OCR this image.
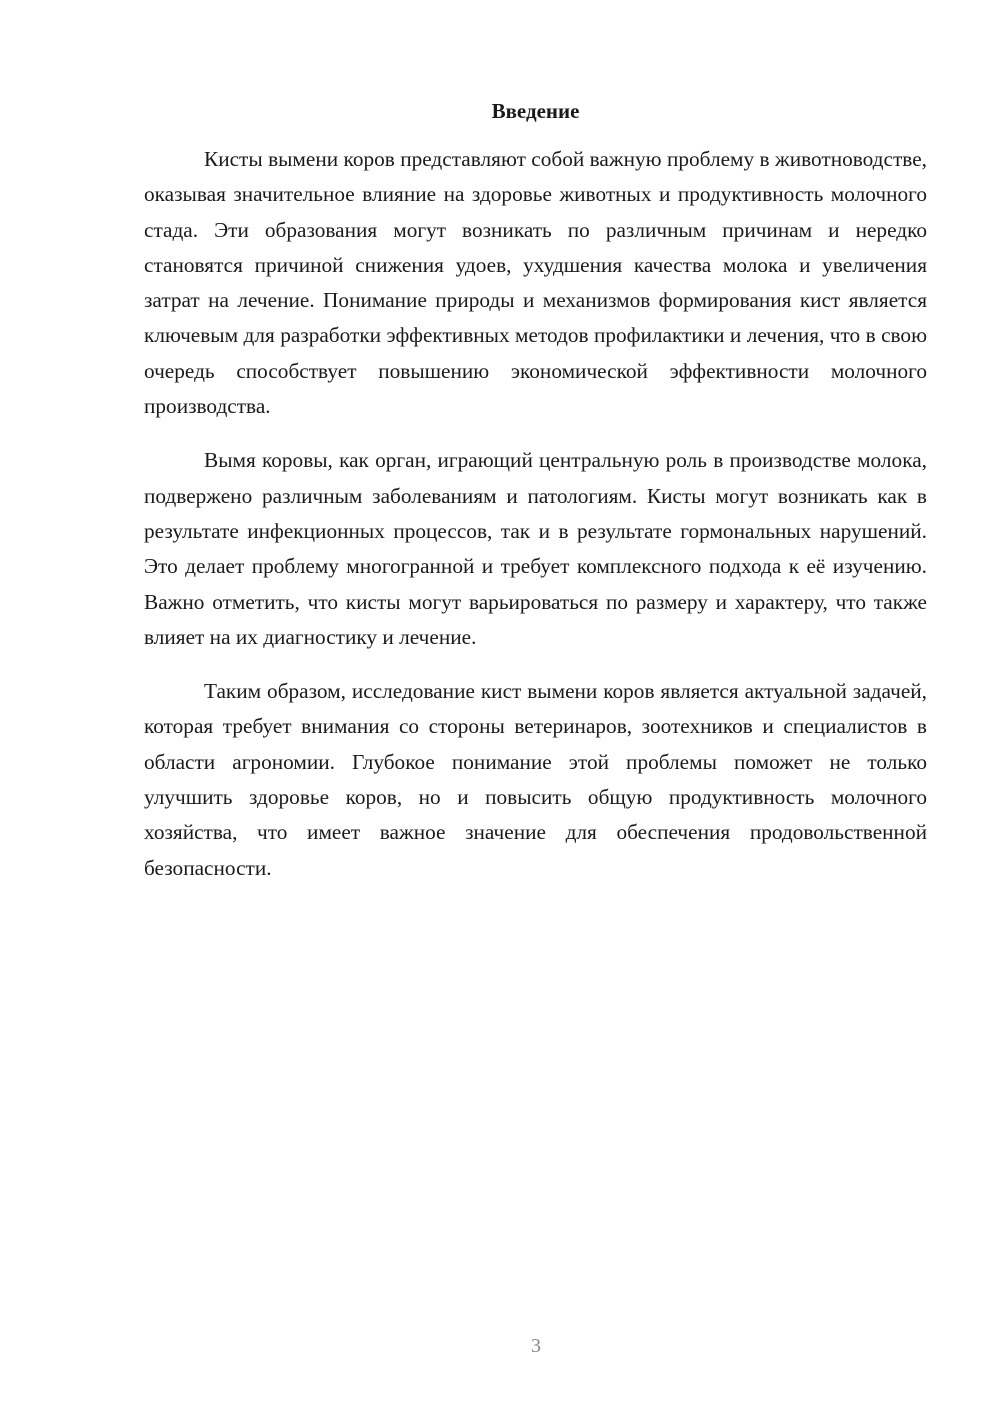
Введение

Кисты вымени коров представляют собой важную проблему в животноводстве, оказывая значительное влияние на здоровье животных и продуктивность молочного стада. Эти образования могут возникать по различным причинам и нередко становятся причиной снижения удоев, ухудшения качества молока и увеличения затрат на лечение. Понимание природы и механизмов формирования кист является ключевым для разработки эффективных методов профилактики и лечения, что в свою очередь способствует повышению экономической эффективности молочного производства.

Вымя коровы, как орган, играющий центральную роль в производстве молока, подвержено различным заболеваниям и патологиям. Кисты могут возникать как в результате инфекционных процессов, так и в результате гормональных нарушений. Это делает проблему многогранной и требует комплексного подхода к её изучению. Важно отметить, что кисты могут варьироваться по размеру и характеру, что также влияет на их диагностику и лечение.

Таким образом, исследование кист вымени коров является актуальной задачей, которая требует внимания со стороны ветеринаров, зоотехников и специалистов в области агрономии. Глубокое понимание этой проблемы поможет не только улучшить здоровье коров, но и повысить общую продуктивность молочного хозяйства, что имеет важное значение для обеспечения продовольственной безопасности.

3
